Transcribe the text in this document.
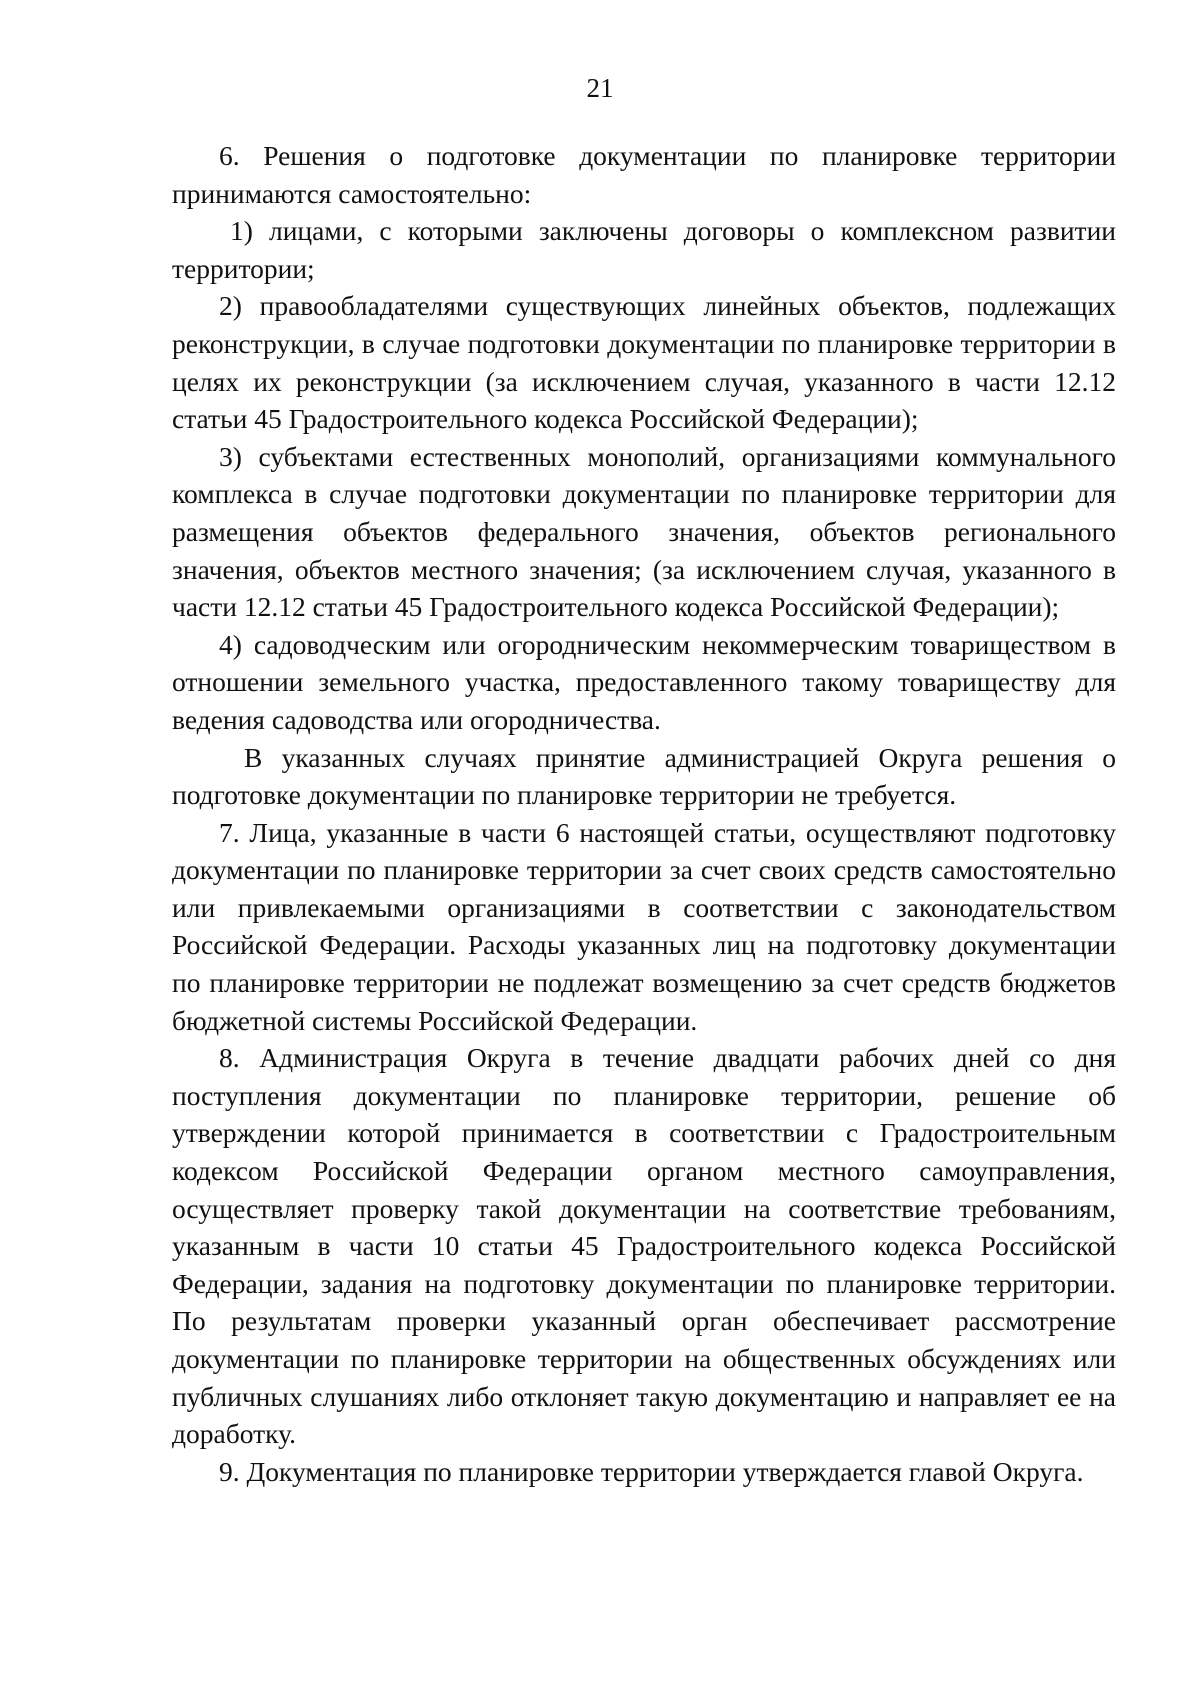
21

6. Решения о подготовке документации по планировке территории принимаются самостоятельно:

1) лицами, с которыми заключены договоры о комплексном развитии территории;

2) правообладателями существующих линейных объектов, подлежащих реконструкции, в случае подготовки документации по планировке территории в целях их реконструкции (за исключением случая, указанного в части 12.12 статьи 45 Градостроительного кодекса Российской Федерации);

3) субъектами естественных монополий, организациями коммунального комплекса в случае подготовки документации по планировке территории для размещения объектов федерального значения, объектов регионального значения, объектов местного значения; (за исключением случая, указанного в части 12.12 статьи 45 Градостроительного кодекса Российской Федерации);

4) садоводческим или огородническим некоммерческим товариществом в отношении земельного участка, предоставленного такому товариществу для ведения садоводства или огородничества.

В указанных случаях принятие администрацией Округа решения о подготовке документации по планировке территории не требуется.

7. Лица, указанные в части 6 настоящей статьи, осуществляют подготовку документации по планировке территории за счет своих средств самостоятельно или привлекаемыми организациями в соответствии с законодательством Российской Федерации. Расходы указанных лиц на подготовку документации по планировке территории не подлежат возмещению за счет средств бюджетов бюджетной системы Российской Федерации.

8. Администрация Округа в течение двадцати рабочих дней со дня поступления документации по планировке территории, решение об утверждении которой принимается в соответствии с Градостроительным кодексом Российской Федерации органом местного самоуправления, осуществляет проверку такой документации на соответствие требованиям, указанным в части 10 статьи 45 Градостроительного кодекса Российской Федерации, задания на подготовку документации по планировке территории. По результатам проверки указанный орган обеспечивает рассмотрение документации по планировке территории на общественных обсуждениях или публичных слушаниях либо отклоняет такую документацию и направляет ее на доработку.

9. Документация по планировке территории утверждается главой Округа.
